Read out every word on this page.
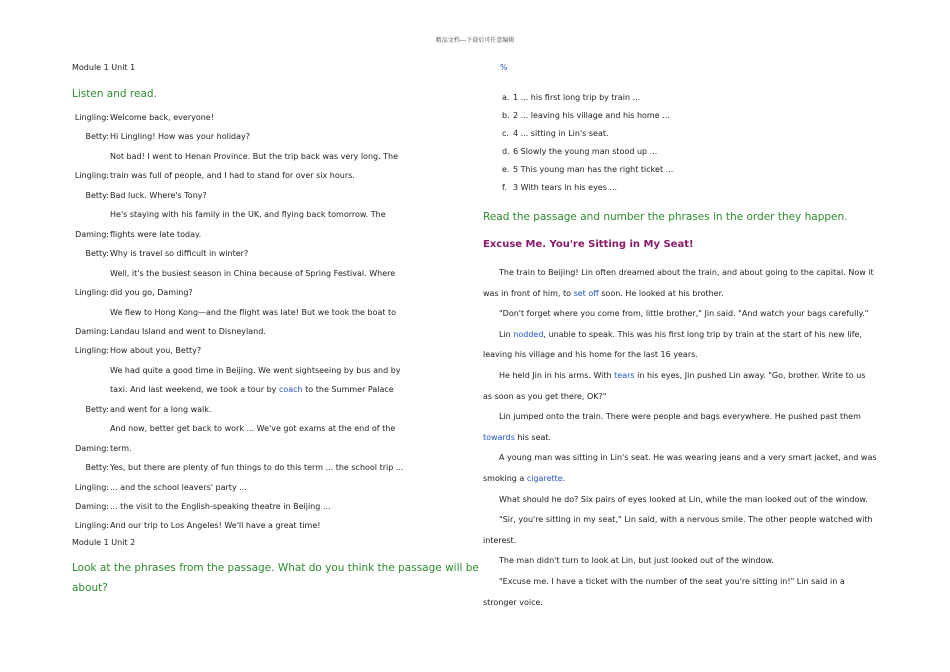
精品文档---下载后可任意编辑
Module 1 Unit 1
Listen and read.
Lingling: Welcome back, everyone!
Betty: Hi Lingling! How was your holiday?
Not bad! I went to Henan Province. But the trip back was very long. The
Lingling: train was full of people, and I had to stand for over six hours.
Betty: Bad luck. Where's Tony?
He's staying with his family in the UK, and flying back tomorrow. The
Daming: flights were late today.
Betty: Why is travel so difficult in winter?
Well, it's the busiest season in China because of Spring Festival. Where
Lingling: did you go, Daming?
We flew to Hong Kong—and the flight was late! But we took the boat to
Daming: Landau Island and went to Disneyland.
Lingling: How about you, Betty?
We had quite a good time in Beijing. We went sightseeing by bus and by
taxi. And last weekend, we took a tour by coach to the Summer Palace
Betty: and went for a long walk.
And now, better get back to work ... We've got exams at the end of the
Daming: term.
Betty: Yes, but there are plenty of fun things to do this term ... the school trip ...
Lingling: ... and the school leavers' party ...
Daming: ... the visit to the English-speaking theatre in Beijing ...
Lingling: And our trip to Los Angeles! We'll have a great time!
Module 1 Unit 2
Look at the phrases from the passage. What do you think the passage will be
about?
%
a. 1 ... his first long trip by train ...
b. 2 ... leaving his village and his home ...
c. 4 ... sitting in Lin's seat.
d. 6 Slowly the young man stood up ...
e. 5 This young man has the right ticket ...
f. 3 With tears in his eyes ...
Read the passage and number the phrases in the order they happen.
Excuse Me. You're Sitting in My Seat!
The train to Beijing! Lin often dreamed about the train, and about going to the capital. Now it
was in front of him, to set off soon. He looked at his brother.
"Don't forget where you come from, little brother," Jin said. "And watch your bags carefully."
Lin nodded, unable to speak. This was his first long trip by train at the start of his new life,
leaving his village and his home for the last 16 years.
He held Jin in his arms. With tears in his eyes, Jin pushed Lin away. "Go, brother. Write to us
as soon as you get there, OK?"
Lin jumped onto the train. There were people and bags everywhere. He pushed past them
towards his seat.
A young man was sitting in Lin's seat. He was wearing jeans and a very smart jacket, and was
smoking a cigarette.
What should he do? Six pairs of eyes looked at Lin, while the man looked out of the window.
"Sir, you're sitting in my seat," Lin said, with a nervous smile. The other people watched with
interest.
The man didn't turn to look at Lin, but just looked out of the window.
"Excuse me. I have a ticket with the number of the seat you're sitting in!" Lin said in a
stronger voice.
